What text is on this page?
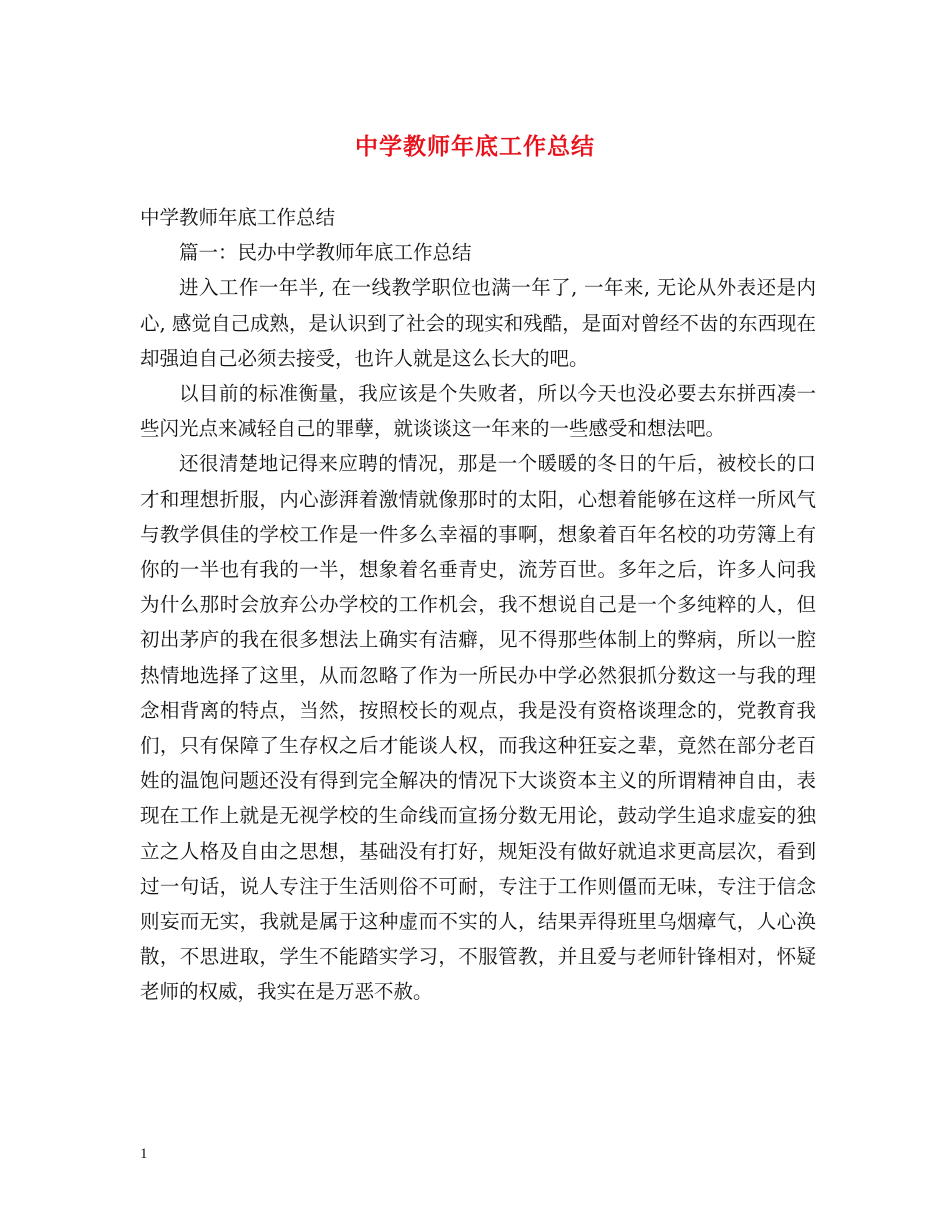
中学教师年底工作总结

中学教师年底工作总结

篇一：民办中学教师年底工作总结

进入工作一年半, 在一线教学职位也满一年了, 一年来, 无论从外表还是内心, 感觉自己成熟，是认识到了社会的现实和残酷，是面对曾经不齿的东西现在却强迫自己必须去接受，也许人就是这么长大的吧。

以目前的标准衡量，我应该是个失败者，所以今天也没必要去东拼西凑一些闪光点来减轻自己的罪孽，就谈谈这一年来的一些感受和想法吧。

还很清楚地记得来应聘的情况，那是一个暖暖的冬日的午后，被校长的口才和理想折服，内心澎湃着激情就像那时的太阳，心想着能够在这样一所风气与教学俱佳的学校工作是一件多么幸福的事啊，想象着百年名校的功劳簿上有你的一半也有我的一半，想象着名垂青史，流芳百世。多年之后，许多人问我为什么那时会放弃公办学校的工作机会，我不想说自己是一个多纯粹的人，但初出茅庐的我在很多想法上确实有洁癖，见不得那些体制上的弊病，所以一腔热情地选择了这里，从而忽略了作为一所民办中学必然狠抓分数这一与我的理念相背离的特点，当然，按照校长的观点，我是没有资格谈理念的，党教育我们，只有保障了生存权之后才能谈人权，而我这种狂妄之辈，竟然在部分老百姓的温饱问题还没有得到完全解决的情况下大谈资本主义的所谓精神自由，表现在工作上就是无视学校的生命线而宣扬分数无用论，鼓动学生追求虚妄的独立之人格及自由之思想，基础没有打好，规矩没有做好就追求更高层次，看到过一句话，说人专注于生活则俗不可耐，专注于工作则僵而无味，专注于信念则妄而无实，我就是属于这种虚而不实的人，结果弄得班里乌烟瘴气，人心涣散，不思进取，学生不能踏实学习，不服管教，并且爱与老师针锋相对，怀疑老师的权威，我实在是万恶不赦。

1
